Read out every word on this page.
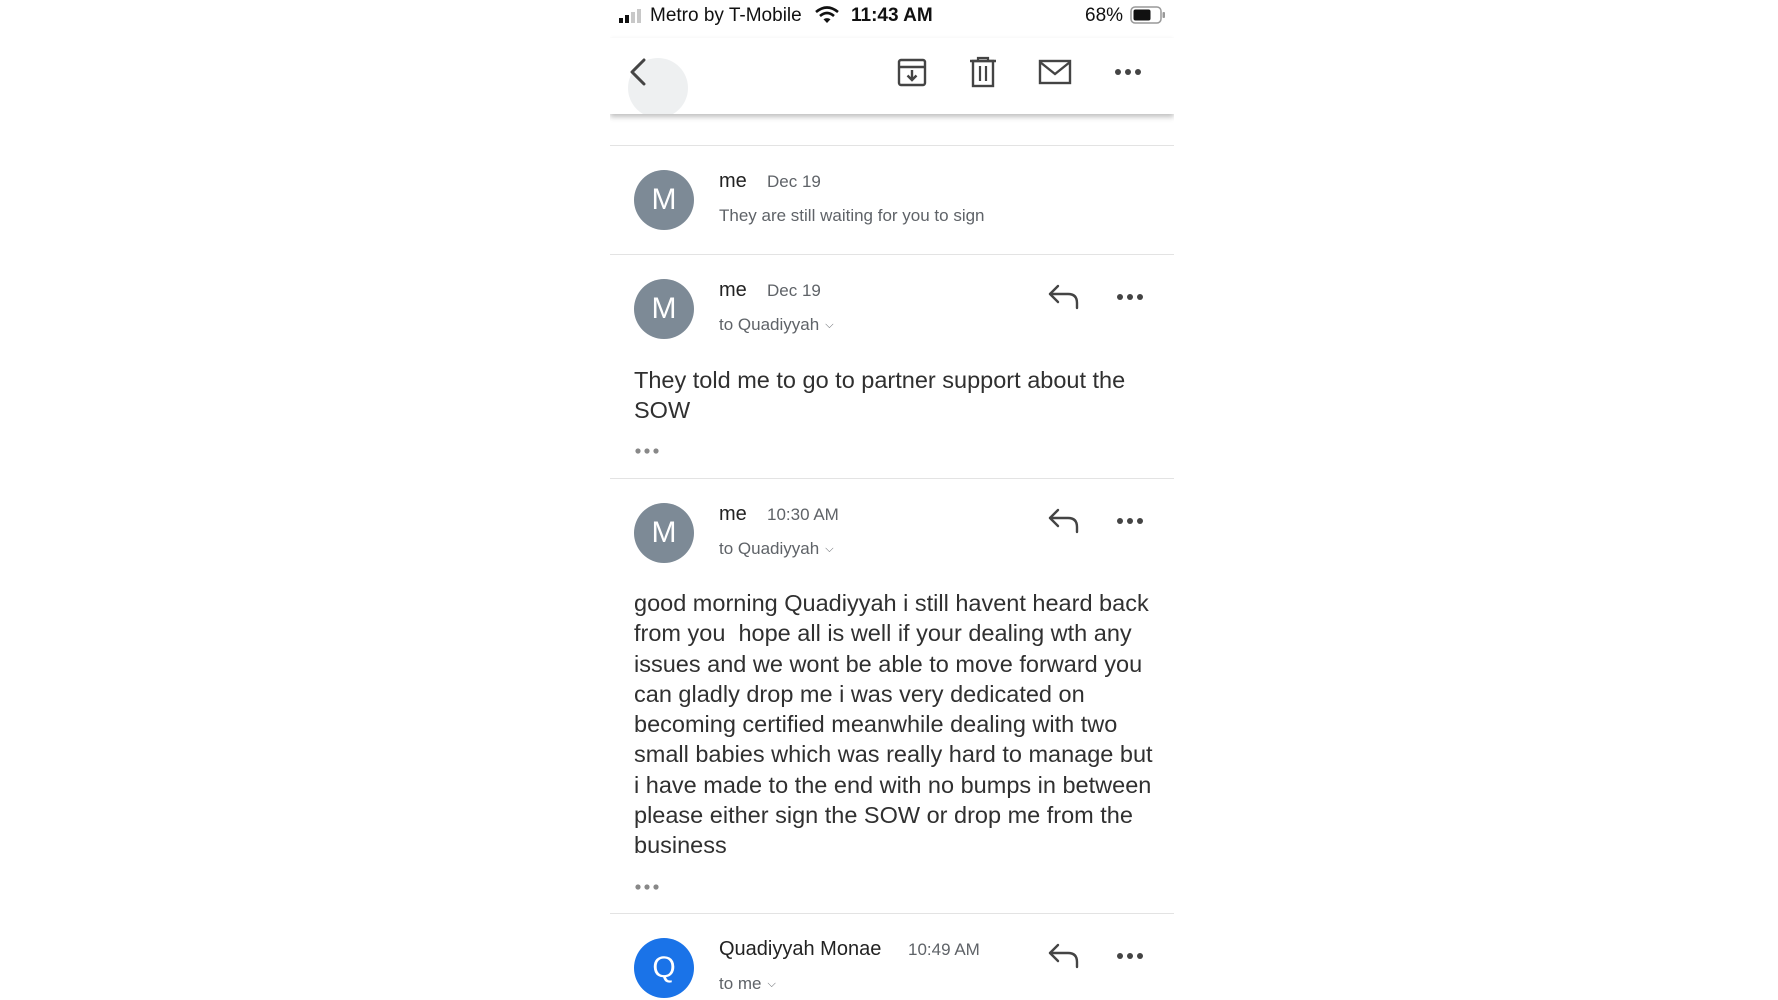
Metro by T-Mobile	11:43 AM	68%
M
me Dec 19
They are still waiting for you to sign
M
me Dec 19
to Quadiyyah ⌵
They told me to go to partner support about the SOW
M
me 10:30 AM
to Quadiyyah ⌵
good morning Quadiyyah i still havent heard back from you  hope all is well if your dealing wth any issues and we wont be able to move forward you can gladly drop me i was very dedicated on becoming certified meanwhile dealing with two small babies which was really hard to manage but i have made to the end with no bumps in between please either sign the SOW or drop me from the business
Q
Quadiyyah Monae 10:49 AM
to me ⌵
